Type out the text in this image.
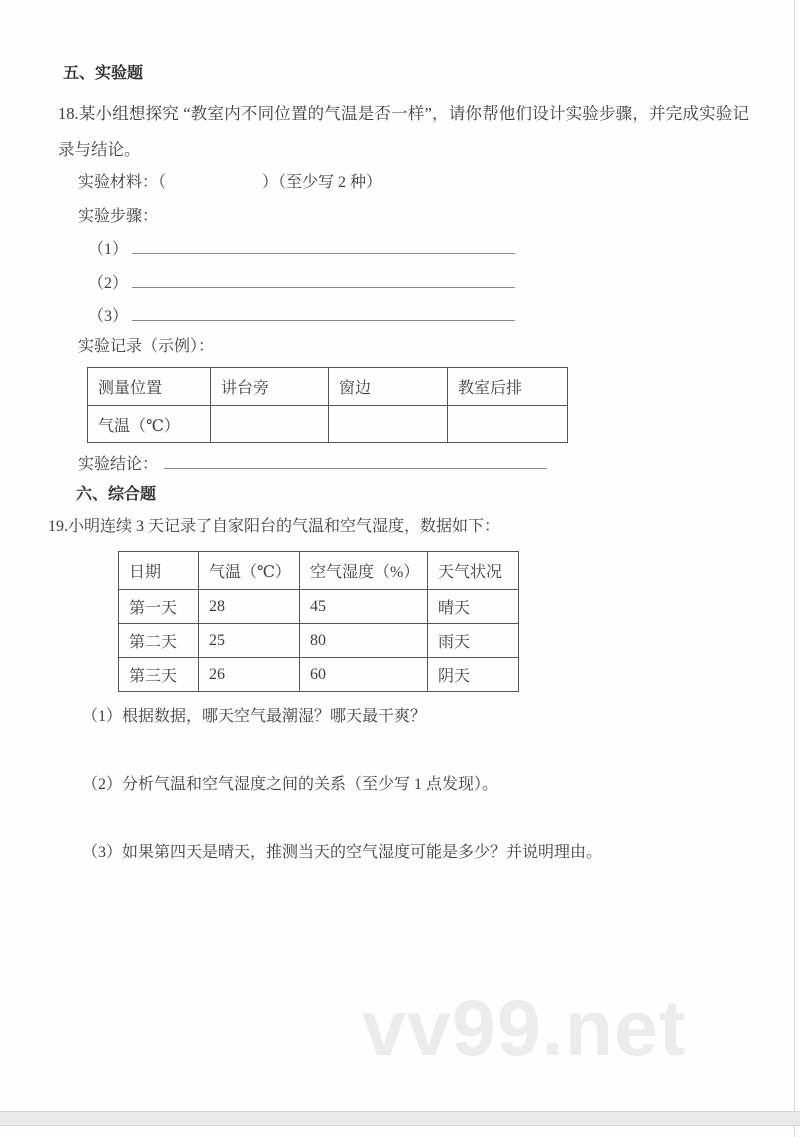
vv99.net
五、实验题

18.某小组想探究 “教室内不同位置的气温是否一样”，请你帮他们设计实验步骤，并完成实验记录与结论。

实验材料：（　　　　　　）（至少写 2 种）

实验步骤：

（1）
（2）
（3）

实验记录（示例）：

测量位置	讲台旁	窗边	教室后排
气温（℃）			
实验结论：
六、综合题

19.小明连续 3 天记录了自家阳台的气温和空气湿度，数据如下：

日期	气温（℃）	空气湿度（%）	天气状况
第一天	28	45	晴天
第二天	25	80	雨天
第三天	26	60	阴天

（1）根据数据，哪天空气最潮湿？哪天最干爽？

（2）分析气温和空气湿度之间的关系（至少写 1 点发现）。

（3）如果第四天是晴天，推测当天的空气湿度可能是多少？并说明理由。
